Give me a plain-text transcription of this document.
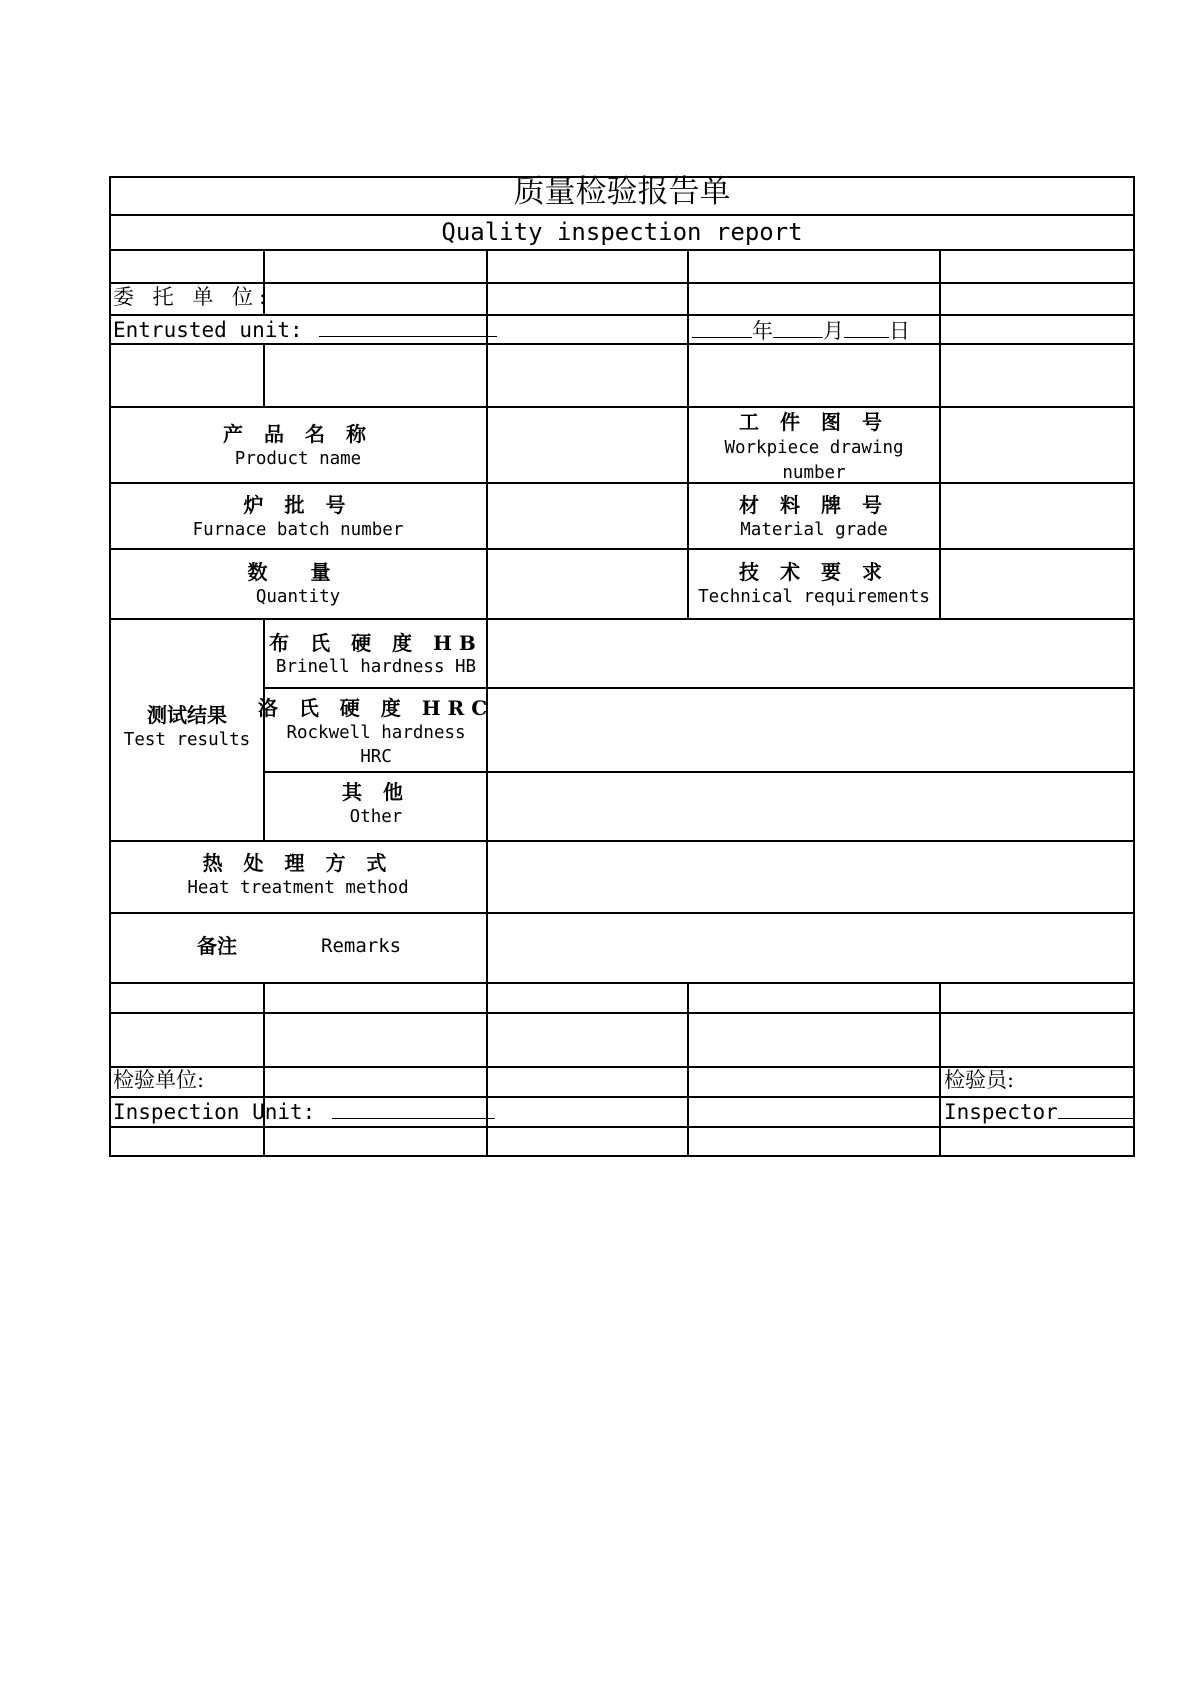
质量检验报告单
Quality inspection report
委 托 单 位:
Entrusted unit:	年 月 日
产 品 名 称
Product name
工 件 图 号
Workpiece drawing number
炉 批 号
Furnace batch number
材 料 牌 号
Material grade
数 量
Quantity
技 术 要 求
Technical requirements
测试结果
Test results
布 氏 硬 度 HB
Brinell hardness HB
洛 氏 硬 度 HRC
Rockwell hardness
HRC
其 他
Other
热 处 理 方 式
Heat treatment method
备注	Remarks
检验单位:
Inspection Unit:
检验员:
Inspector
